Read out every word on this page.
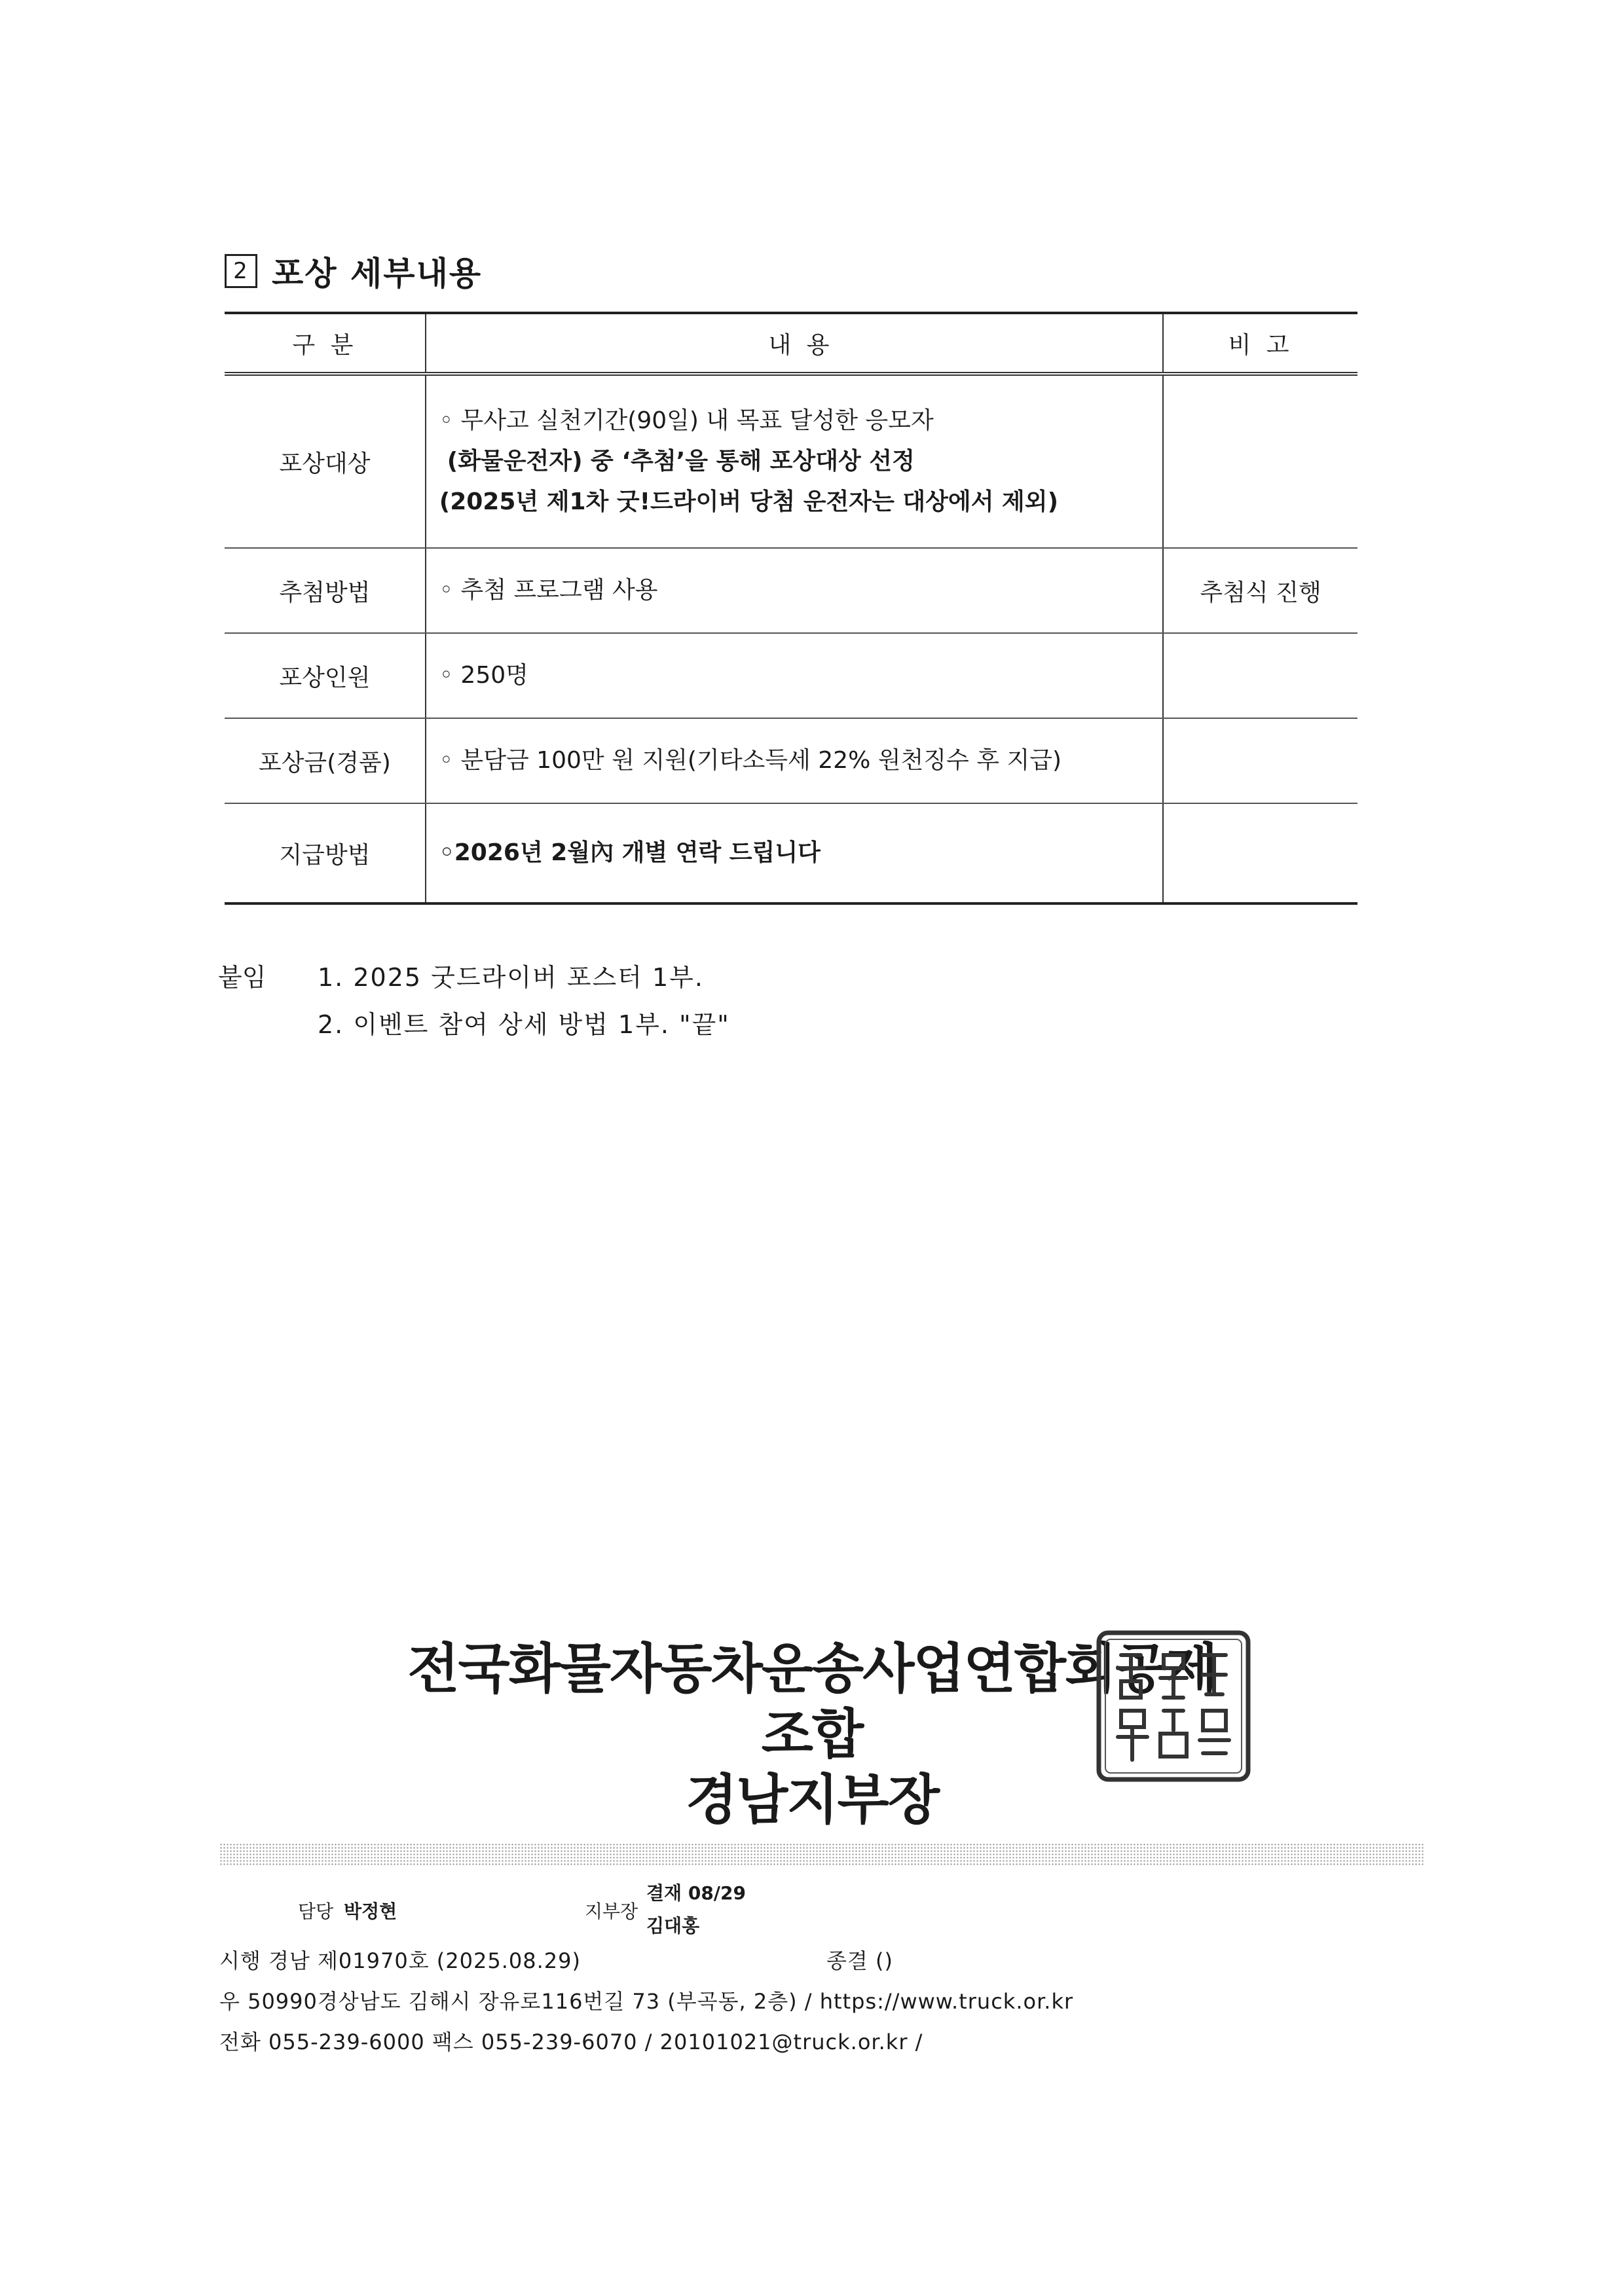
2 포상 세부내용
구 분	내 용	비 고
포상대상	◦ 무사고 실천기간(90일) 내 목표 달성한 응모자
(화물운전자) 중 ‘추첨’을 통해 포상대상 선정
(2025년 제1차 굿!드라이버 당첨 운전자는 대상에서 제외)	

추첨방법	◦ 추첨 프로그램 사용	추첨식 진행
포상인원	◦ 250명	

포상금(경품)	◦ 분담금 100만 원 지원(기타소득세 22% 원천징수 후 지급)	

지급방법	◦2026년 2월內 개별 연락 드립니다	

붙임 1. 2025 굿드라이버 포스터 1부.
2. 이벤트 참여 상세 방법 1부. "끝"
전국화물자동차운송사업연합회공제조합
경남지부장
담당 박정현	지부장
결재 08/29
김대홍
시행 경남 제01970호 (2025.08.29)	종결 ()
우 50990경상남도 김해시 장유로116번길 73 (부곡동, 2층) / https://www.truck.or.kr
전화 055-239-6000 팩스 055-239-6070 / 20101021@truck.or.kr /
